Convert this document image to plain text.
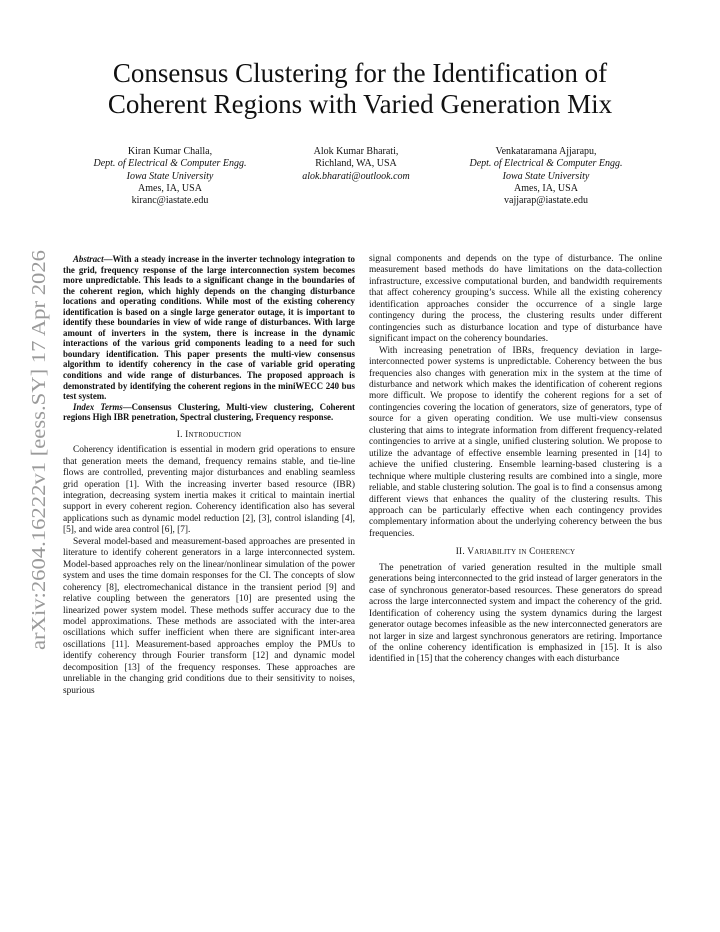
arXiv:2604.16222v1 [eess.SY] 17 Apr 2026
Consensus Clustering for the Identification of
Coherent Regions with Varied Generation Mix
Kiran Kumar Challa,
Dept. of Electrical & Computer Engg.
Iowa State University
Ames, IA, USA
kiranc@iastate.edu
Alok Kumar Bharati,
Richland, WA, USA
alok.bharati@outlook.com
Venkataramana Ajjarapu,
Dept. of Electrical & Computer Engg.
Iowa State University
Ames, IA, USA
vajjarap@iastate.edu

Abstract—With a steady increase in the inverter technology integration to the grid, frequency response of the large interconnection system becomes more unpredictable. This leads to a significant change in the boundaries of the coherent region, which highly depends on the changing disturbance locations and operating conditions. While most of the existing coherency identification is based on a single large generator outage, it is important to identify these boundaries in view of wide range of disturbances. With large amount of inverters in the system, there is increase in the dynamic interactions of the various grid components leading to a need for such boundary identification. This paper presents the multi-view consensus algorithm to identify coherency in the case of variable grid operating conditions and wide range of disturbances. The proposed approach is demonstrated by identifying the coherent regions in the miniWECC 240 bus test system.

Index Terms—Consensus Clustering, Multi-view clustering, Coherent regions High IBR penetration, Spectral clustering, Frequency response.

I. Introduction

Coherency identification is essential in modern grid operations to ensure that generation meets the demand, frequency remains stable, and tie-line flows are controlled, preventing major disturbances and enabling seamless grid operation [1]. With the increasing inverter based resource (IBR) integration, decreasing system inertia makes it critical to maintain inertial support in every coherent region. Coherency identification also has several applications such as dynamic model reduction [2], [3], control islanding [4], [5], and wide area control [6], [7].

Several model-based and measurement-based approaches are presented in literature to identify coherent generators in a large interconnected system. Model-based approaches rely on the linear/nonlinear simulation of the power system and uses the time domain responses for the CI. The concepts of slow coherency [8], electromechanical distance in the transient period [9] and relative coupling between the generators [10] are presented using the linearized power system model. These methods suffer accuracy due to the model approximations. These methods are associated with the inter-area oscillations which suffer inefficient when there are significant inter-area oscillations [11]. Measurement-based approaches employ the PMUs to identify coherency through Fourier transform [12] and dynamic model decomposition [13] of the frequency responses. These approaches are unreliable in the changing grid conditions due to their sensitivity to noises, spurious

signal components and depends on the type of disturbance. The online measurement based methods do have limitations on the data-collection infrastructure, excessive computational burden, and bandwidth requirements that affect coherency grouping’s success. While all the existing coherency identification approaches consider the occurrence of a single large contingency during the process, the clustering results under different contingencies such as disturbance location and type of disturbance have significant impact on the coherency boundaries.

With increasing penetration of IBRs, frequency deviation in large-interconnected power systems is unpredictable. Coherency between the bus frequencies also changes with generation mix in the system at the time of disturbance and network which makes the identification of coherent regions more difficult. We propose to identify the coherent regions for a set of contingencies covering the location of generators, size of generators, type of source for a given operating condition. We use multi-view consensus clustering that aims to integrate information from different frequency-related contingencies to arrive at a single, unified clustering solution. We propose to utilize the advantage of effective ensemble learning presented in [14] to achieve the unified clustering. Ensemble learning-based clustering is a technique where multiple clustering results are combined into a single, more reliable, and stable clustering solution. The goal is to find a consensus among different views that enhances the quality of the clustering results. This approach can be particularly effective when each contingency provides complementary information about the underlying coherency between the bus frequencies.

II. Variability in Coherency

The penetration of varied generation resulted in the multiple small generations being interconnected to the grid instead of larger generators in the case of synchronous generator-based resources. These generators do spread across the large interconnected system and impact the coherency of the grid. Identification of coherency using the system dynamics during the largest generator outage becomes infeasible as the new interconnected generators are not larger in size and largest synchronous generators are retiring. Importance of the online coherency identification is emphasized in [15]. It is also identified in [15] that the coherency changes with each disturbance
